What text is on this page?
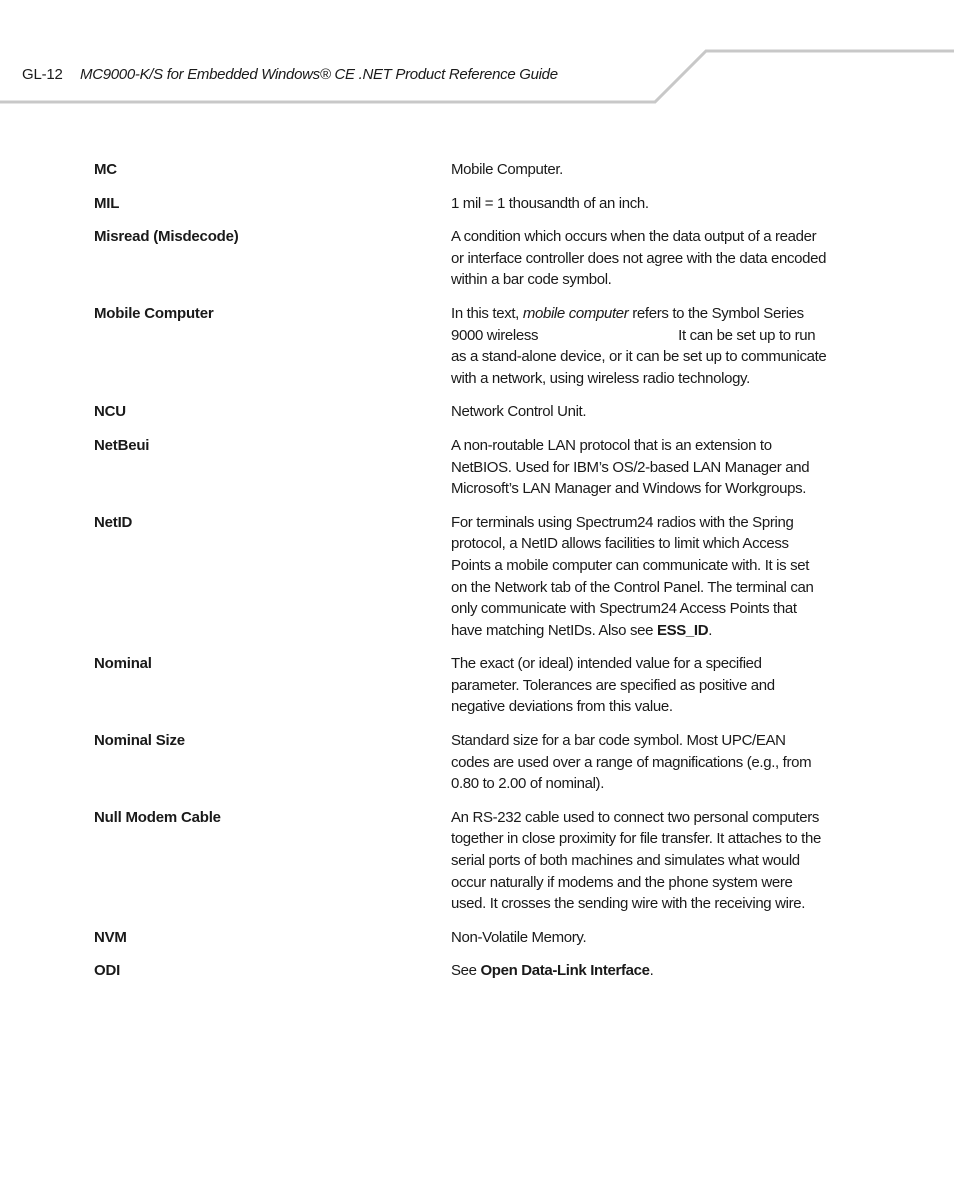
GL-12 MC9000-K/S for Embedded Windows® CE .NET Product Reference Guide
MC	Mobile Computer.
MIL	1 mil = 1 thousandth of an inch.
Misread (Misdecode)	A condition which occurs when the data output of a reader or interface controller does not agree with the data encoded within a bar code symbol.
Mobile Computer	In this text, mobile computer refers to the Symbol Series 9000 wireless	It can be set up to run as a stand-alone device, or it can be set up to communicate with a network, using wireless radio technology.
NCU	Network Control Unit.
NetBeui	A non-routable LAN protocol that is an extension to NetBIOS. Used for IBM’s OS/2-based LAN Manager and Microsoft’s LAN Manager and Windows for Workgroups.
NetID	For terminals using Spectrum24 radios with the Spring protocol, a NetID allows facilities to limit which Access Points a mobile computer can communicate with. It is set on the Network tab of the Control Panel. The terminal can only communicate with Spectrum24 Access Points that have matching NetIDs. Also see ESS_ID.
Nominal	The exact (or ideal) intended value for a specified parameter. Tolerances are specified as positive and negative deviations from this value.
Nominal Size	Standard size for a bar code symbol. Most UPC/EAN codes are used over a range of magnifications (e.g., from 0.80 to 2.00 of nominal).
Null Modem Cable	An RS-232 cable used to connect two personal computers together in close proximity for file transfer. It attaches to the serial ports of both machines and simulates what would occur naturally if modems and the phone system were used. It crosses the sending wire with the receiving wire.
NVM	Non-Volatile Memory.
ODI	See Open Data-Link Interface.
